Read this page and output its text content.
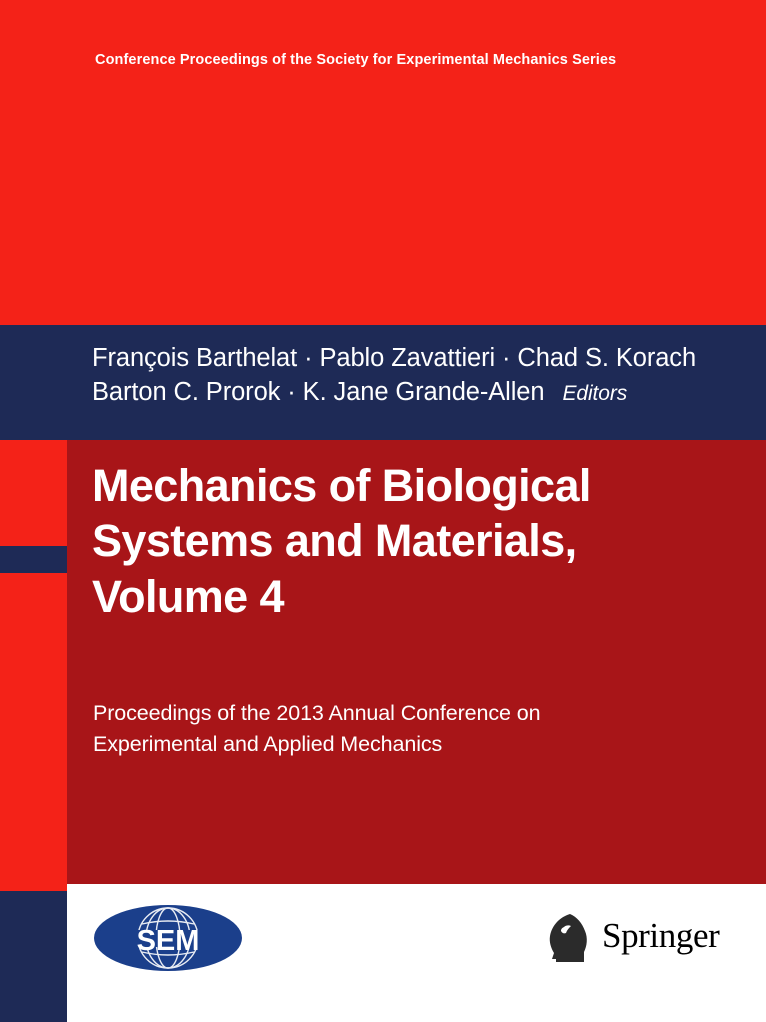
Conference Proceedings of the Society for Experimental Mechanics Series
François Barthelat · Pablo Zavattieri · Chad S. Korach
Barton C. Prorok · K. Jane Grande-Allen Editors
Mechanics of Biological
Systems and Materials,
Volume 4
Proceedings of the 2013 Annual Conference on
Experimental and Applied Mechanics
SEM	Springer
